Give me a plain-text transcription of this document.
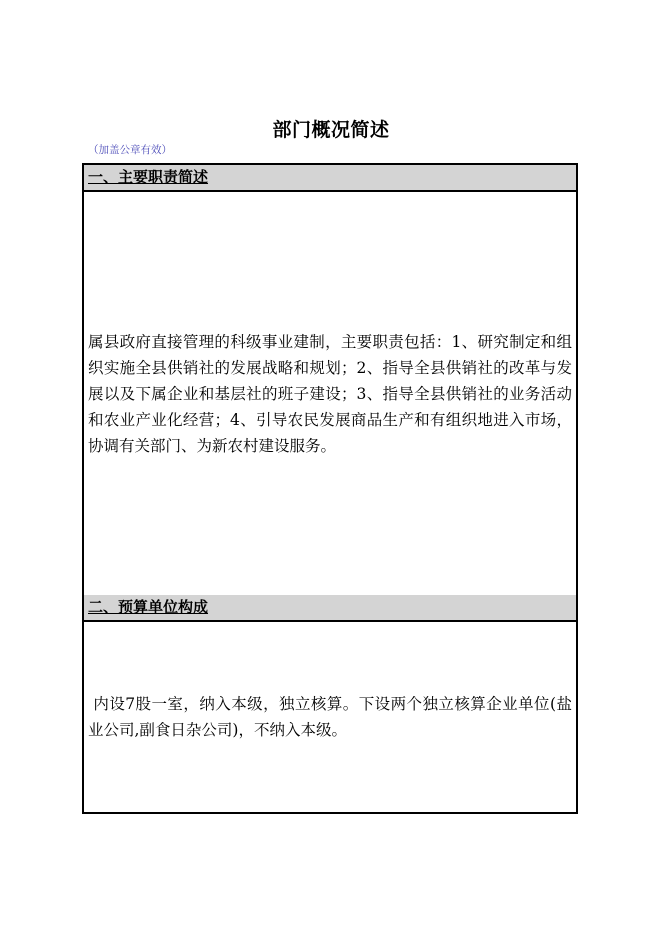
部门概况简述
（加盖公章有效）
一、主要职责简述

属县政府直接管理的科级事业建制，主要职责包括：1、研究制定和组织实施全县供销社的发展战略和规划；2、指导全县供销社的改革与发展以及下属企业和基层社的班子建设；3、指导全县供销社的业务活动和农业产业化经营；4、引导农民发展商品生产和有组织地进入市场，协调有关部门、为新农村建设服务。

二、预算单位构成

内设7股一室，纳入本级，独立核算。下设两个独立核算企业单位(盐业公司,副食日杂公司)，不纳入本级。
